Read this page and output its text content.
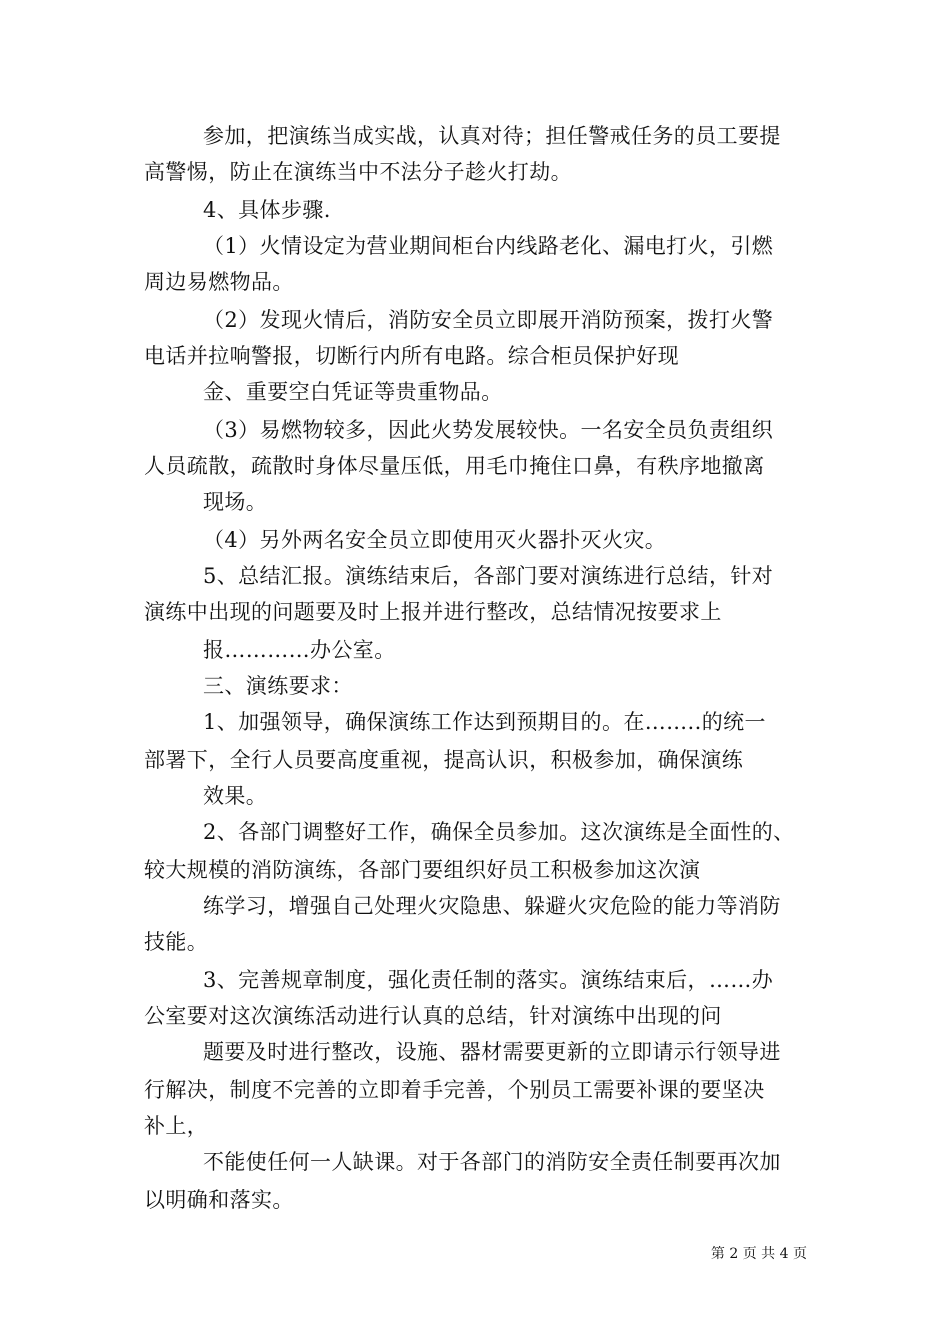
参加，把演练当成实战，认真对待；担任警戒任务的员工要提
高警惕，防止在演练当中不法分子趁火打劫。
4、具体步骤.
（1）火情设定为营业期间柜台内线路老化、漏电打火，引燃
周边易燃物品。
（2）发现火情后，消防安全员立即展开消防预案，拨打火警
电话并拉响警报，切断行内所有电路。综合柜员保护好现
金、重要空白凭证等贵重物品。
（3）易燃物较多，因此火势发展较快。一名安全员负责组织
人员疏散，疏散时身体尽量压低，用毛巾掩住口鼻，有秩序地撤离
现场。
（4）另外两名安全员立即使用灭火器扑灭火灾。
5、总结汇报。演练结束后，各部门要对演练进行总结，针对
演练中出现的问题要及时上报并进行整改，总结情况按要求上
报…………办公室。
三、演练要求：
1、加强领导，确保演练工作达到预期目的。在……..的统一
部署下，全行人员要高度重视，提高认识，积极参加，确保演练
效果。
2、各部门调整好工作，确保全员参加。这次演练是全面性的、
较大规模的消防演练，各部门要组织好员工积极参加这次演
练学习，增强自己处理火灾隐患、躲避火灾危险的能力等消防
技能。
3、完善规章制度，强化责任制的落实。演练结束后，……办
公室要对这次演练活动进行认真的总结，针对演练中出现的问
题要及时进行整改，设施、器材需要更新的立即请示行领导进
行解决，制度不完善的立即着手完善，个别员工需要补课的要坚决
补上，
不能使任何一人缺课。对于各部门的消防安全责任制要再次加
以明确和落实。
第 2 页 共 4 页
